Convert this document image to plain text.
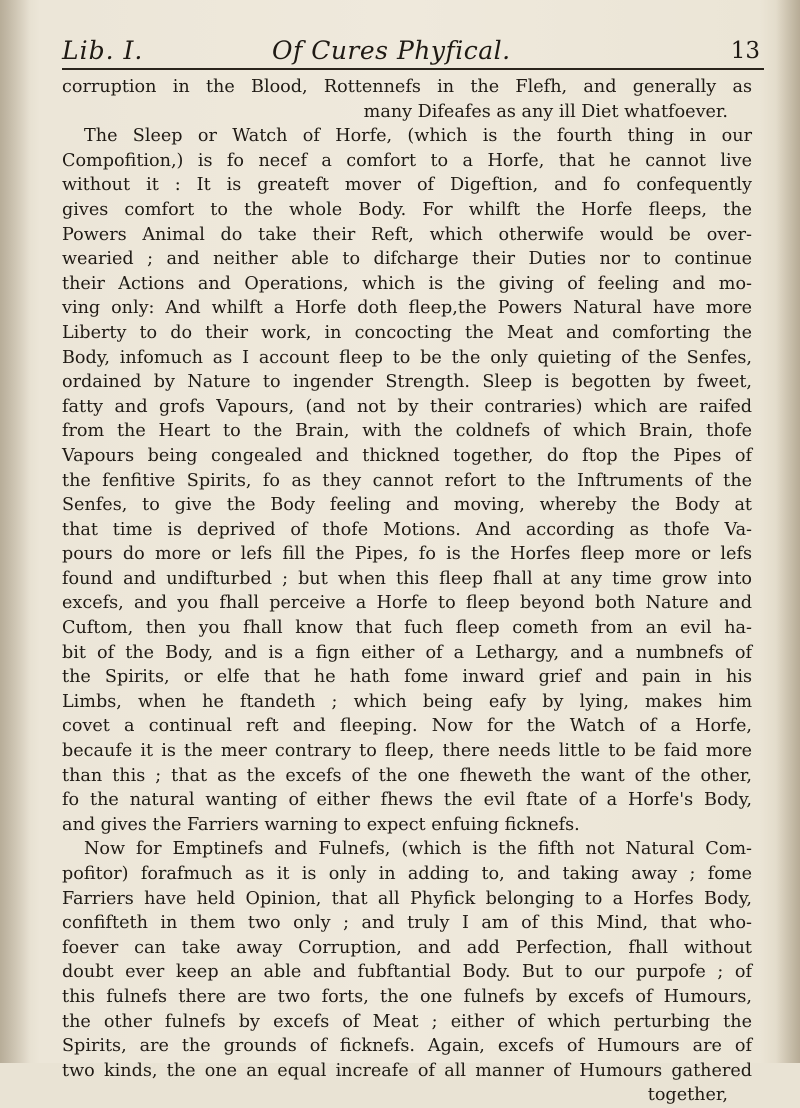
Lib. I.	Of Cures Phyfical.	13
corruption in the Blood, Rottennefs in the Flefh, and generally as
many Difeafes as any ill Diet whatfoever.
The Sleep or Watch of Horfe, (which is the fourth thing in our
Compofition,) is fo necef a comfort to a Horfe, that he cannot live
without it : It is greateft mover of Digeftion, and fo confequently
gives comfort to the whole Body. For whilft the Horfe fleeps, the
Powers Animal do take their Reft, which otherwife would be over-
wearied ; and neither able to difcharge their Duties nor to continue
their Actions and Operations, which is the giving of feeling and mo-
ving only: And whilft a Horfe doth fleep,the Powers Natural have more
Liberty to do their work, in concocting the Meat and comforting the
Body, infomuch as I account fleep to be the only quieting of the Senfes,
ordained by Nature to ingender Strength. Sleep is begotten by fweet,
fatty and grofs Vapours, (and not by their contraries) which are raifed
from the Heart to the Brain, with the coldnefs of which Brain, thofe
Vapours being congealed and thickned together, do ftop the Pipes of
the fenfitive Spirits, fo as they cannot refort to the Inftruments of the
Senfes, to give the Body feeling and moving, whereby the Body at
that time is deprived of thofe Motions. And according as thofe Va-
pours do more or lefs fill the Pipes, fo is the Horfes fleep more or lefs
found and undifturbed ; but when this fleep fhall at any time grow into
excefs, and you fhall perceive a Horfe to fleep beyond both Nature and
Cuftom, then you fhall know that fuch fleep cometh from an evil ha-
bit of the Body, and is a fign either of a Lethargy, and a numbnefs of
the Spirits, or elfe that he hath fome inward grief and pain in his
Limbs, when he ftandeth ; which being eafy by lying, makes him
covet a continual reft and fleeping. Now for the Watch of a Horfe,
becaufe it is the meer contrary to fleep, there needs little to be faid more
than this ; that as the excefs of the one fheweth the want of the other,
fo the natural wanting of either fhews the evil ftate of a Horfe's Body,
and gives the Farriers warning to expect enfuing ficknefs.
Now for Emptinefs and Fulnefs, (which is the fifth not Natural Com-
pofitor) forafmuch as it is only in adding to, and taking away ; fome
Farriers have held Opinion, that all Phyfick belonging to a Horfes Body,
confifteth in them two only ; and truly I am of this Mind, that who-
foever can take away Corruption, and add Perfection, fhall without
doubt ever keep an able and fubftantial Body. But to our purpofe ; of
this fulnefs there are two forts, the one fulnefs by excefs of Humours,
the other fulnefs by excefs of Meat ; either of which perturbing the
Spirits, are the grounds of ficknefs. Again, excefs of Humours are of
two kinds, the one an equal increafe of all manner of Humours gathered
together,
